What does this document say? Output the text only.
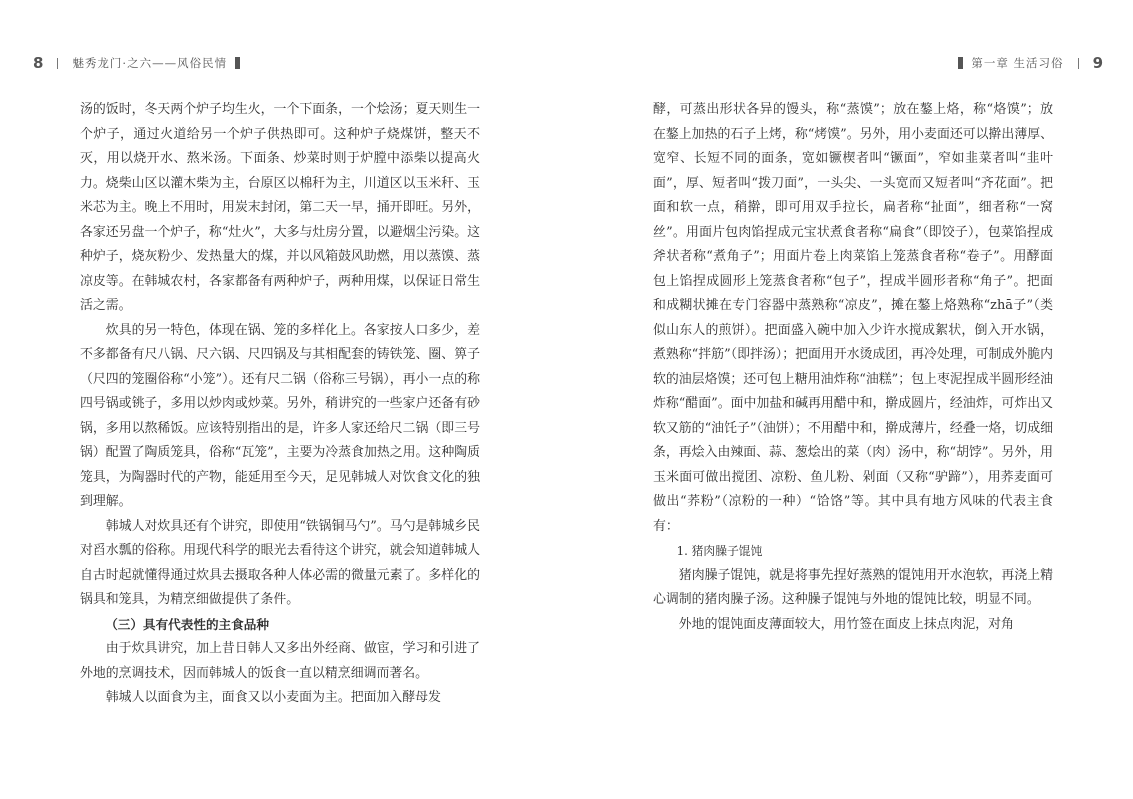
8	魅秀龙门·之六——风俗民情

汤的饭时，冬天两个炉子均生火，一个下面条，一个烩汤；夏天则生一个炉子，通过火道给另一个炉子供热即可。这种炉子烧煤饼，整天不灭，用以烧开水、熬米汤。下面条、炒菜时则于炉膛中添柴以提高火力。烧柴山区以灌木柴为主，台原区以棉秆为主，川道区以玉米秆、玉米芯为主。晚上不用时，用炭末封闭，第二天一早，捅开即旺。另外，各家还另盘一个炉子，称“灶火”，大多与灶房分置，以避烟尘污染。这种炉子，烧灰粉少、发热量大的煤，并以风箱鼓风助燃，用以蒸馍、蒸凉皮等。在韩城农村，各家都备有两种炉子，两种用煤，以保证日常生活之需。

炊具的另一特色，体现在锅、笼的多样化上。各家按人口多少，差不多都备有尺八锅、尺六锅、尺四锅及与其相配套的铸铁笼、圈、箅子（尺四的笼圈俗称“小笼”）。还有尺二锅（俗称三号锅），再小一点的称四号锅或铫子，多用以炒肉或炒菜。另外，稍讲究的一些家户还备有砂锅，多用以熬稀饭。应该特别指出的是，许多人家还给尺二锅（即三号锅）配置了陶质笼具，俗称“瓦笼”，主要为冷蒸食加热之用。这种陶质笼具，为陶器时代的产物，能延用至今天，足见韩城人对饮食文化的独到理解。

韩城人对炊具还有个讲究，即使用“铁锅铜马勺”。马勺是韩城乡民对舀水瓢的俗称。用现代科学的眼光去看待这个讲究，就会知道韩城人自古时起就懂得通过炊具去摄取各种人体必需的微量元素了。多样化的锅具和笼具，为精烹细做提供了条件。

（三）具有代表性的主食品种

由于炊具讲究，加上昔日韩人又多出外经商、做宦，学习和引进了外地的烹调技术，因而韩城人的饭食一直以精烹细调而著名。

韩城人以面食为主，面食又以小麦面为主。把面加入酵母发

第一章 生活习俗 9

酵，可蒸出形状各异的馒头，称“蒸馍”；放在鏊上烙，称“烙馍”；放在鏊上加热的石子上烤，称“烤馍”。另外，用小麦面还可以擀出薄厚、宽窄、长短不同的面条，宽如镢楔者叫“镢面”，窄如韭菜者叫“韭叶面”，厚、短者叫“拨刀面”，一头尖、一头宽而又短者叫“齐花面”。把面和软一点，稍擀，即可用双手拉长，扁者称“扯面”，细者称“一窝丝”。用面片包肉馅捏成元宝状煮食者称“扁食”（即饺子），包菜馅捏成斧状者称“煮角子”；用面片卷上肉菜馅上笼蒸食者称“卷子”。用酵面包上馅捏成圆形上笼蒸食者称“包子”，捏成半圆形者称“角子”。把面和成糊状摊在专门容器中蒸熟称“凉皮”，摊在鏊上烙熟称“zhā子”（类似山东人的煎饼）。把面盛入碗中加入少许水搅成絮状，倒入开水锅，煮熟称“拌筋”（即拌汤）；把面用开水烫成团，再冷处理，可制成外脆内软的油层烙馍；还可包上糖用油炸称“油糕”；包上枣泥捏成半圆形经油炸称“醋面”。面中加盐和碱再用醋中和，擀成圆片，经油炸，可炸出又软又筋的“油饦子”（油饼）；不用醋中和，擀成薄片，经叠一烙，切成细条，再烩入由辣面、蒜、葱烩出的菜（肉）汤中，称“胡饽”。另外，用玉米面可做出搅团、凉粉、鱼儿粉、剁面（又称“驴蹄”），用荞麦面可做出“荞粉”（凉粉的一种）“饸饹”等。其中具有地方风味的代表主食有：

1. 猪肉臊子馄饨

猪肉臊子馄饨，就是将事先捏好蒸熟的馄饨用开水泡软，再浇上精心调制的猪肉臊子汤。这种臊子馄饨与外地的馄饨比较，明显不同。

外地的馄饨面皮薄面较大，用竹签在面皮上抹点肉泥，对角
